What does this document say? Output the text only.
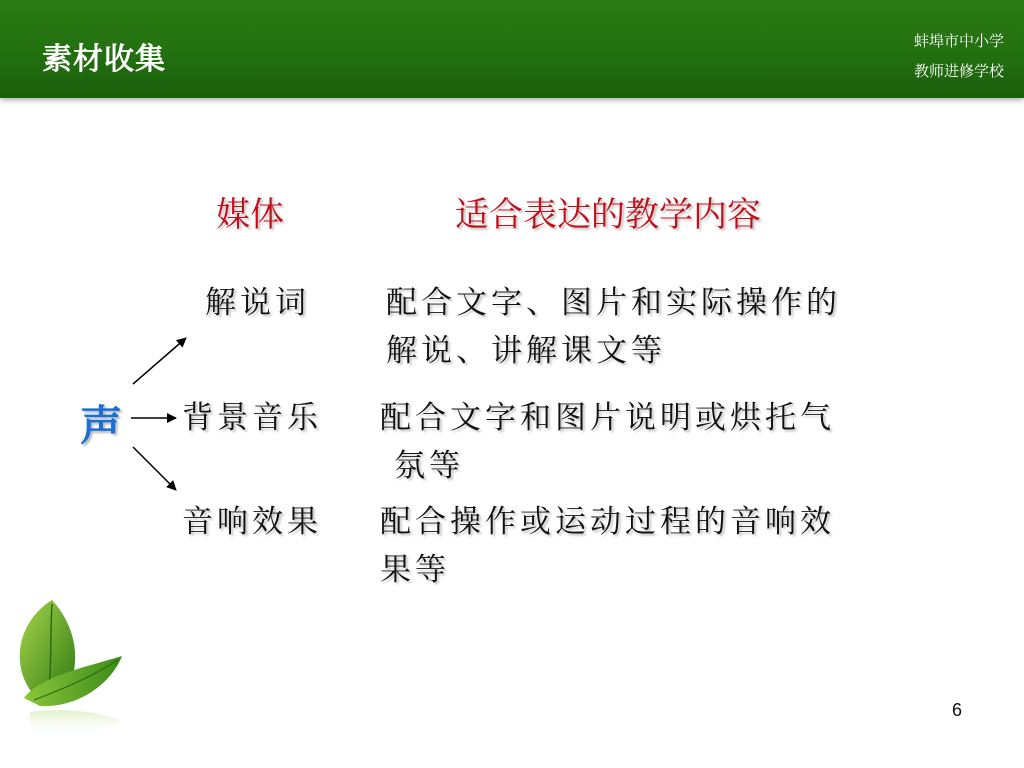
素材收集
蚌埠市中小学
教师进修学校
媒体	适合表达的教学内容
解说词 配合文字、图片和实际操作的
解说、讲解课文等
背景音乐 配合文字和图片说明或烘托气
氛等
音响效果 配合操作或运动过程的音响效
果等
声
6
